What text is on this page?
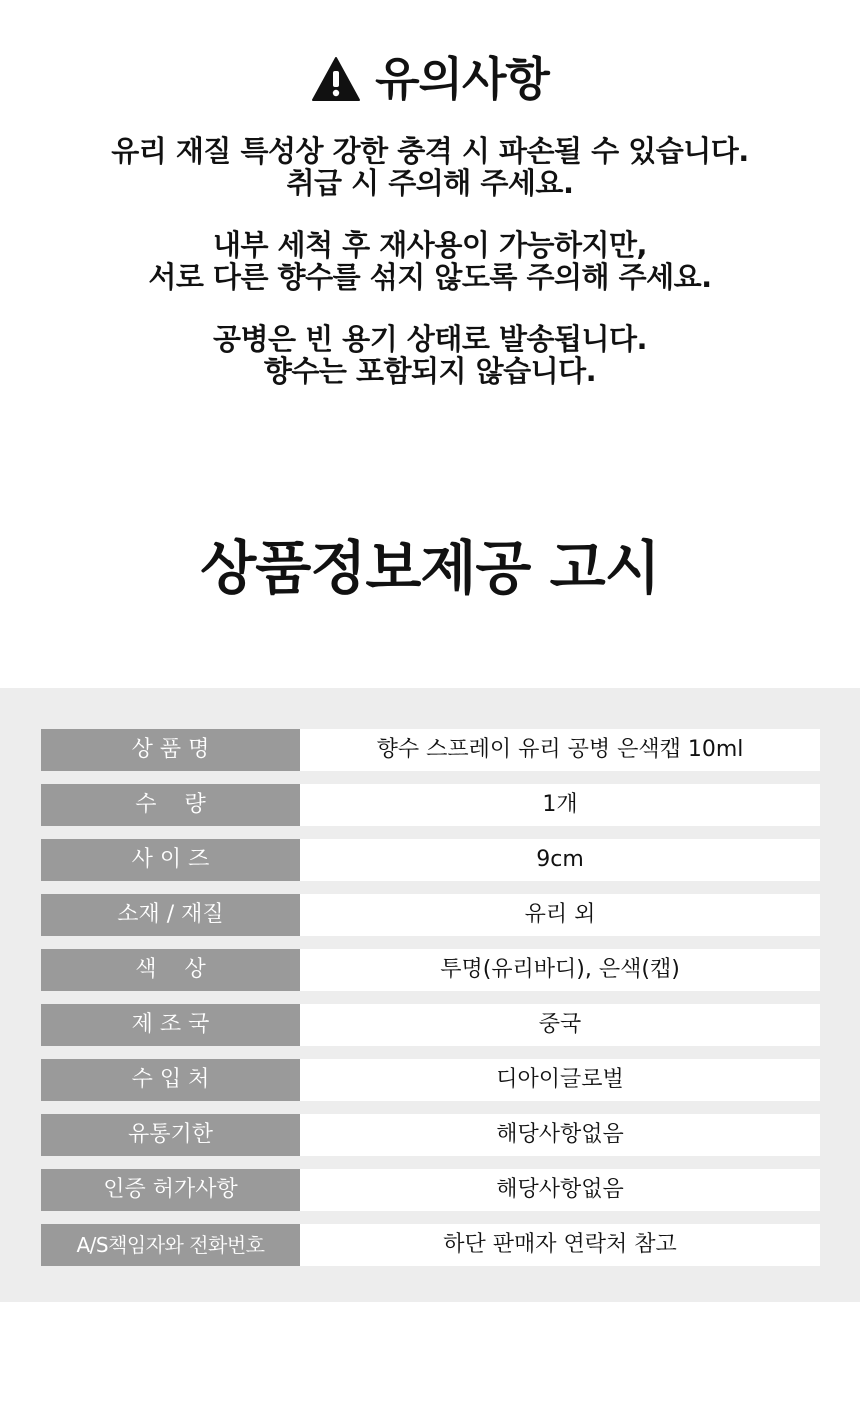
유의사항

유리 재질 특성상 강한 충격 시 파손될 수 있습니다.

취급 시 주의해 주세요.

내부 세척 후 재사용이 가능하지만,

서로 다른 향수를 섞지 않도록 주의해 주세요.

공병은 빈 용기 상태로 발송됩니다.

향수는 포함되지 않습니다.

상품정보제공 고시
상 품 명	향수 스프레이 유리 공병 은색캡 10ml
수    량	1개
사 이 즈	9cm
소재 / 재질	유리 외
색    상	투명(유리바디), 은색(캡)
제 조 국	중국
수 입 처	디아이글로벌
유통기한	해당사항없음
인증 허가사항	해당사항없음
A/S책임자와 전화번호	하단 판매자 연락처 참고
